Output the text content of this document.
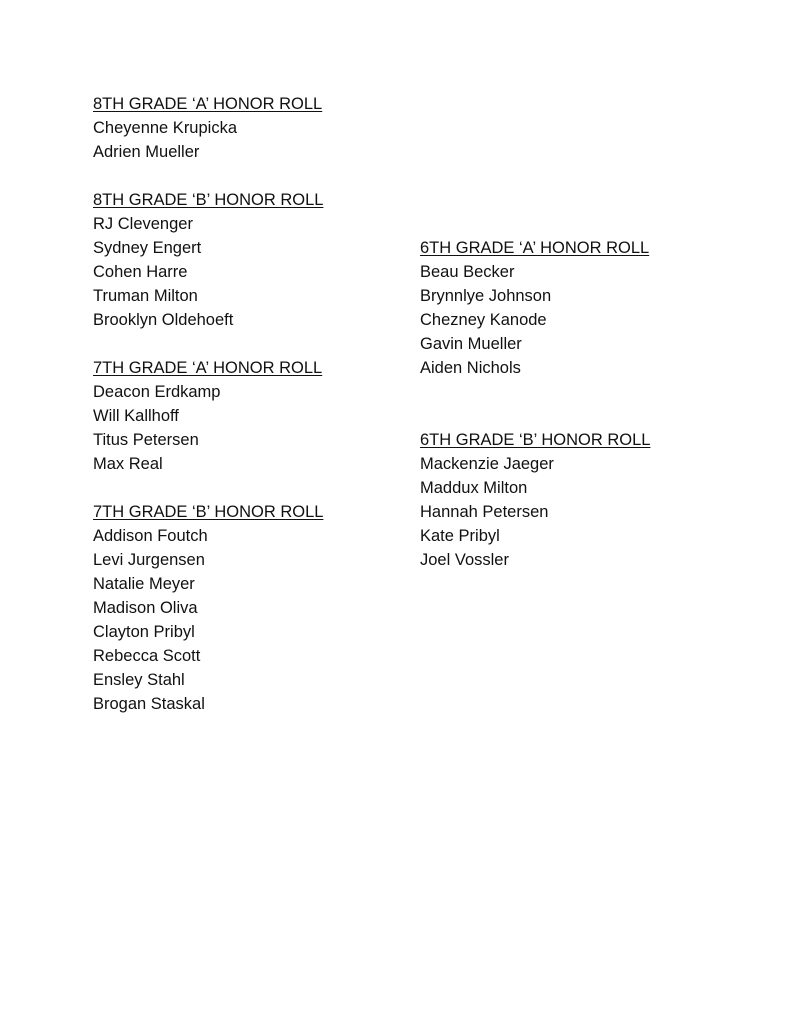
8TH GRADE ‘A’ HONOR ROLL
Cheyenne Krupicka
Adrien Mueller
8TH GRADE ‘B’ HONOR ROLL
RJ Clevenger
Sydney Engert
Cohen Harre
Truman Milton
Brooklyn Oldehoeft
7TH GRADE ‘A’ HONOR ROLL
Deacon Erdkamp
Will Kallhoff
Titus Petersen
Max Real
7TH GRADE ‘B’ HONOR ROLL
Addison Foutch
Levi Jurgensen
Natalie Meyer
Madison Oliva
Clayton Pribyl
Rebecca Scott
Ensley Stahl
Brogan Staskal
6TH GRADE ‘A’ HONOR ROLL
Beau Becker
Brynnlye Johnson
Chezney Kanode
Gavin Mueller
Aiden Nichols
6TH GRADE ‘B’ HONOR ROLL
Mackenzie Jaeger
Maddux Milton
Hannah Petersen
Kate Pribyl
Joel Vossler
